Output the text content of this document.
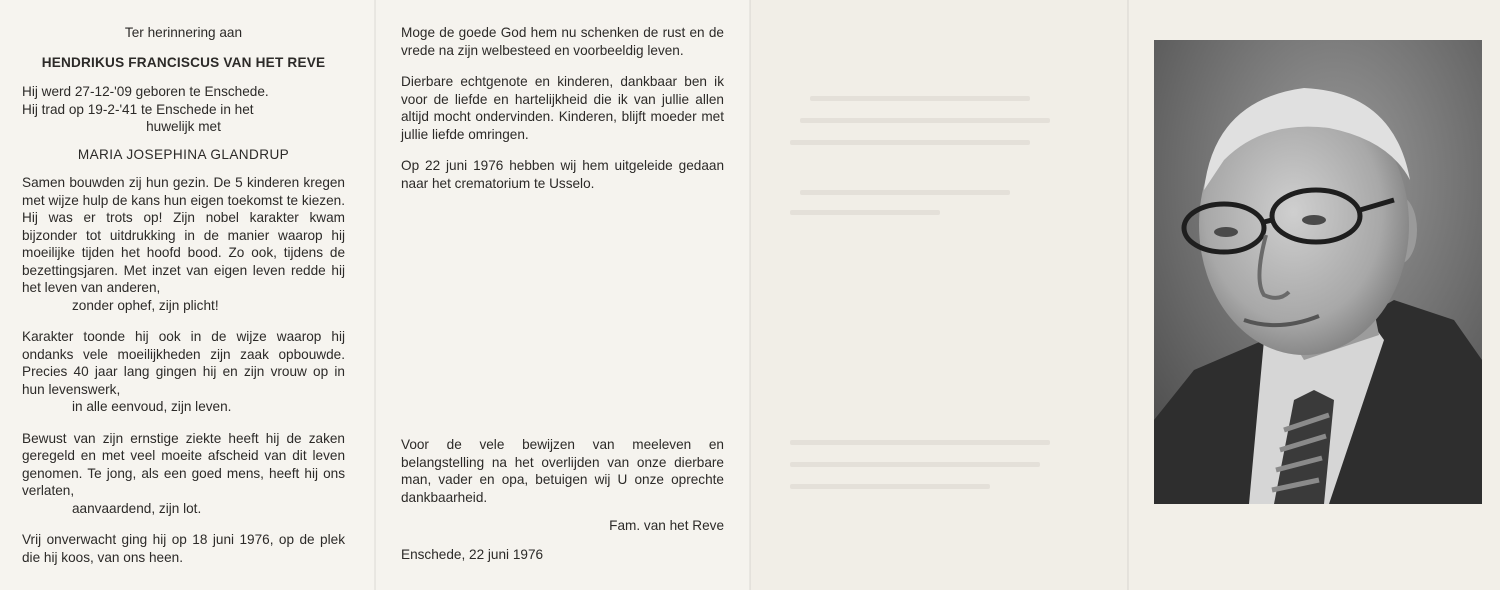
Ter herinnering aan

HENDRIKUS FRANCISCUS VAN HET REVE

Hij werd 27-12-'09 geboren te Enschede.

Hij trad op 19-2-'41 te Enschede in het

huwelijk met

MARIA JOSEPHINA GLANDRUP

Samen bouwden zij hun gezin. De 5 kinderen kregen met wijze hulp de kans hun eigen toekomst te kiezen. Hij was er trots op! Zijn nobel karakter kwam bijzonder tot uitdrukking in de manier waarop hij moeilijke tijden het hoofd bood. Zo ook, tijdens de bezettingsjaren. Met inzet van eigen leven redde hij het leven van anderen,

zonder ophef, zijn plicht!

Karakter toonde hij ook in de wijze waarop hij ondanks vele moeilijkheden zijn zaak opbouwde. Precies 40 jaar lang gingen hij en zijn vrouw op in hun levenswerk,

in alle eenvoud, zijn leven.

Bewust van zijn ernstige ziekte heeft hij de zaken geregeld en met veel moeite afscheid van dit leven genomen. Te jong, als een goed mens, heeft hij ons verlaten,

aanvaardend, zijn lot.

Vrij onverwacht ging hij op 18 juni 1976, op de plek die hij koos, van ons heen.

Moge de goede God hem nu schenken de rust en de vrede na zijn welbesteed en voorbeeldig leven.

Dierbare echtgenote en kinderen, dankbaar ben ik voor de liefde en hartelijkheid die ik van jullie allen altijd mocht ondervinden. Kinderen, blijft moeder met jullie liefde omringen.

Op 22 juni 1976 hebben wij hem uitgeleide gedaan naar het crematorium te Usselo.

Voor de vele bewijzen van meeleven en belangstelling na het overlijden van onze dierbare man, vader en opa, betuigen wij U onze oprechte dankbaarheid.

Fam. van het Reve

Enschede, 22 juni 1976
